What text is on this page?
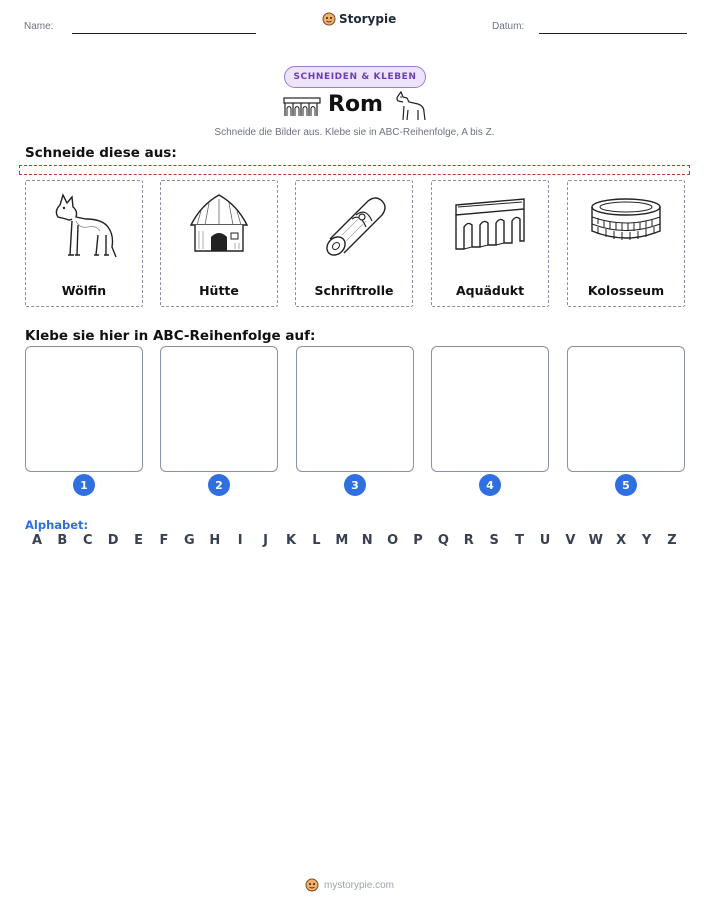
Name:
Storypie
Datum:
SCHNEIDEN & KLEBEN
Rom
Schneide die Bilder aus. Klebe sie in ABC-Reihenfolge, A bis Z.
Schneide diese aus:
Wölfin	Hütte	Schriftrolle	Aquädukt	Kolosseum
Klebe sie hier in ABC-Reihenfolge auf:
1	2	3	4	5
Alphabet:
A	B	C	D	E	F	G	H	I	J	K	L	M	N	O	P	Q	R	S	T	U	V	W	X	Y	Z
mystorypie.com
